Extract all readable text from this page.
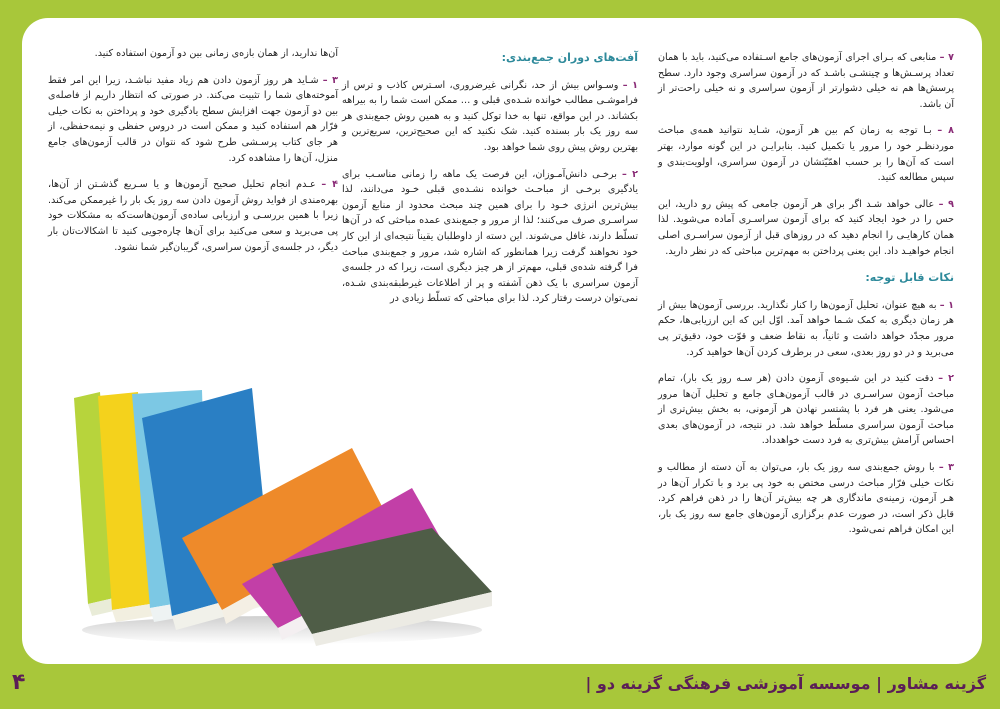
۷ – منابعی که بـرای اجرای آزمون‌های جامع اسـتفاده می‌کنید، باید با همان تعداد پرسـش‌ها و چینشـی باشـد که در آزمون سراسری وجود دارد. سطح پرسش‌ها هم نه خیلی دشوارتر از آزمون سراسری و نه خیلی راحت‌تر از آن باشد.

۸ – بـا توجه به زمان کم بین هر آزمون، شـاید نتوانید همه‌ی مباحث موردنظـر خود را مرور یا تکمیل کنید. بنابرایـن در این گونه موارد، بهتر است که آن‌ها را بر حسب اهمّیّتشان در آزمون سراسری، اولویت‌بندی و سپس مطالعه کنید.

۹ – عالی خواهد شـد اگر برای هر آزمون جامعی که پیش رو دارید، این حس را در خود ایجاد کنید که برای آزمون سراسـری آماده می‌شوید. لذا همان کارهایـی را انجام دهید که در روزهای قبل از آزمون سراسـری اصلی انجام خواهیـد داد. این یعنی پرداختن به مهم‌ترین مباحثی که در نظر دارید.

نکات قابل توجه:

۱ – به هیچ عنوان، تحلیل آزمون‌ها را کنار نگذارید. بررسی آزمون‌ها بیش از هر زمان دیگری به کمک شـما خواهد آمد. اوّل این که این ارزیابی‌ها، حکم مرور مجدّد خواهد داشت و ثانیاً، به نقاط ضعف و قوّت خود، دقیق‌تر پی می‌برید و در دو روز بعدی، سعی در برطرف کردن آن‌ها خواهید کرد.

۲ – دقت کنید در این شـیوه‌ی آزمون دادن (هر سـه روز یک بار)، تمام مباحث آزمون سراسـری در قالب آزمون‌هـای جامع و تحلیل آن‌ها مرور می‌شود. یعنی هر فرد با پشتسر نهادن هر آزمونی، به بخش بیش‌تری از مباحث آزمون سراسری مسلّط خواهد شد. در نتیجه، در آزمون‌های بعدی احساس آرامش بیش‌تری به فرد دست خواهد‌داد.

۳ – با روش جمع‌بندی سه روز یک بار، می‌توان به آن دسته از مطالب و نکات خیلی فرّار مباحث درسی مختص به خود پی برد و با تکرار آن‌ها در هـر آزمون، زمینه‌ی ماندگاری هر چه بیش‌تر آن‌ها را در ذهن فراهم کرد. قابل ذکر است، در صورت عدم برگزاری آزمون‌های جامع سه روز یک بار، این امکان فراهم نمی‌شود.

آفت‌های دوران جمع‌بندی:

۱ – وسـواس بیش از حد، نگرانی غیرضروری، اسـترس کاذب و ترس از فراموشـی مطالب خوانده شـده‌ی قبلی و … ممکن است شما را به بیراهه بکشاند. در این مواقع، تنها به خدا توکل کنید و به همین روش جمع‌بندی هر سه روز یک بار بسنده کنید. شک نکنید که این صحیح‌ترین، سریع‌ترین و بهترین روش پیش روی شما خواهد بود.

۲ – برخـی دانش‌آمـوزان، این فرصت یک ماهه را زمانی مناسـب برای یادگیری برخـی از مباحـث خوانده نشـده‌ی قبلی خـود می‌دانند، لذا بیش‌ترین انرژی خـود را برای همین چند مبحث محدود از منابع آزمون سراسـری صرف می‌کنند؛ لذا از مرور و جمع‌بندی عمده مباحثی که در آن‌ها تسلّط دارند، غافل می‌شوند. این دسته از داوطلبان یقیناً نتیجه‌ای از این کار خود نخواهند گرفت زیرا همانطور که اشاره شد، مرور و جمع‌بندی مباحث فرا گرفته شده‌ی قبلی، مهم‌تر از هر چیز دیگری است، زیرا که در جلسه‌ی آزمون سراسری با یک ذهن آشفته و پر از اطلاعات غیرطبقه‌بندی شـده، نمی‌توان درست رفتار کرد. لذا برای مباحثی که تسلّط زیادی در

آن‌ها ندارید، از همان بازه‌ی زمانی بین دو آزمون استفاده کنید.

۳ – شـاید هر روز آزمون دادن هم زیاد مفید نباشـد، زیرا این امر فقط آموخته‌های شما را تثبیت می‌کند. در صورتی که انتظار داریم از فاصله‌ی بین دو آزمون جهت افزایش سطح یادگیری خود و پرداختن به نکات خیلی فرّار هم استفاده کنید و ممکن است در دروس حفظی و نیمه‌حفظی، از هر جای کتاب پرسـشی طرح شود که نتوان در قالب آزمون‌های جامع منزل، آن‌ها را مشاهده کرد.

۴ – عـدم انجام تحلیل صحیح آزمون‌ها و یا سـریع گذشـتن از آن‌ها، بهره‌مندی از فواید روش آزمون دادن سه روز یک بار را غیرممکن می‌کند. زیرا با همین بررسـی و ارزیابی ساده‌ی آزمون‌هاست‌که به مشکلات خود پی می‌برید و سعی می‌کنید برای آن‌ها چاره‌جویی کنید تا اشکالات‌تان بار دیگر، در جلسه‌ی آزمون سراسری، گریبان‌گیر شما نشود.

گزینه مشاور | موسسه آموزشی فرهنگی گزینه دو |
۴
